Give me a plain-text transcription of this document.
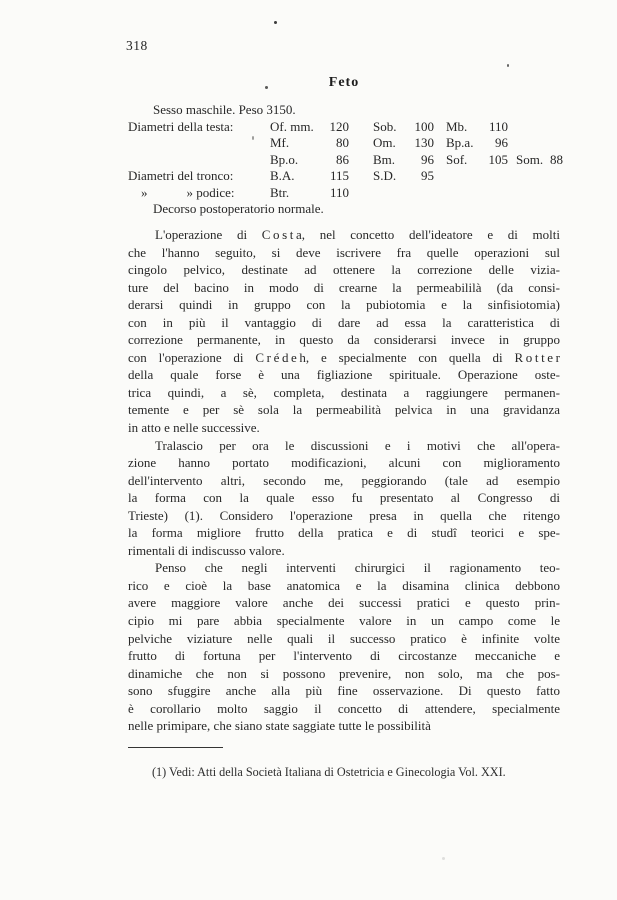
318
Feto
Sesso maschile. Peso 3150.
Diametri della testa:	Of. mm.	120 Sob.	100 Mb.	110
Mf.	80 Om.	130 Bp.a.	96
Bp.o.	86 Bm.	96 Sof.	105 Som. 88
Diametri del tronco:	B.A.	115 S.D.	95
  »   » podice:	Btr.	110
Decorso postoperatorio normale.
L'operazione di C o s t a, nel concetto dell'ideatore e di molti
che l'hanno seguito, si deve iscrivere fra quelle operazioni sul
cingolo pelvico, destinate ad ottenere la correzione delle vizia-
ture del bacino in modo di crearne la permeabililà (da consi-
derarsi quindi in gruppo con la pubiotomia e la sinfisiotomia)
con in più il vantaggio di dare ad essa la caratteristica di
correzione permanente, in questo da considerarsi invece in gruppo
con l'operazione di C r é d e h, e specialmente con quella di R o t t e r
della quale forse è una figliazione spirituale. Operazione oste-
trica quindi, a sè, completa, destinata a raggiungere permanen-
temente e per sè sola la permeabilità pelvica in una gravidanza
in atto e nelle successive.
Tralascio per ora le discussioni e i motivi che all'opera-
zione hanno portato modificazioni, alcuni con miglioramento
dell'intervento altri, secondo me, peggiorando (tale ad esempio
la forma con la quale esso fu presentato al Congresso di
Trieste) (1). Considero l'operazione presa in quella che ritengo
la forma migliore frutto della pratica e di studî teorici e spe-
rimentali di indiscusso valore.
Penso che negli interventi chirurgici il ragionamento teo-
rico e cioè la base anatomica e la disamina clinica debbono
avere maggiore valore anche dei successi pratici e questo prin-
cipio mi pare abbia specialmente valore in un campo come le
pelviche viziature nelle quali il successo pratico è infinite volte
frutto di fortuna per l'intervento di circostanze meccaniche e
dinamiche che non si possono prevenire, non solo, ma che pos-
sono sfuggire anche alla più fine osservazione. Di questo fatto
è corollario molto saggio il concetto di attendere, specialmente
nelle primipare, che siano state saggiate tutte le possibilità
(1) Vedi: Atti della Società Italiana di Ostetricia e Ginecologia Vol. XXI.
